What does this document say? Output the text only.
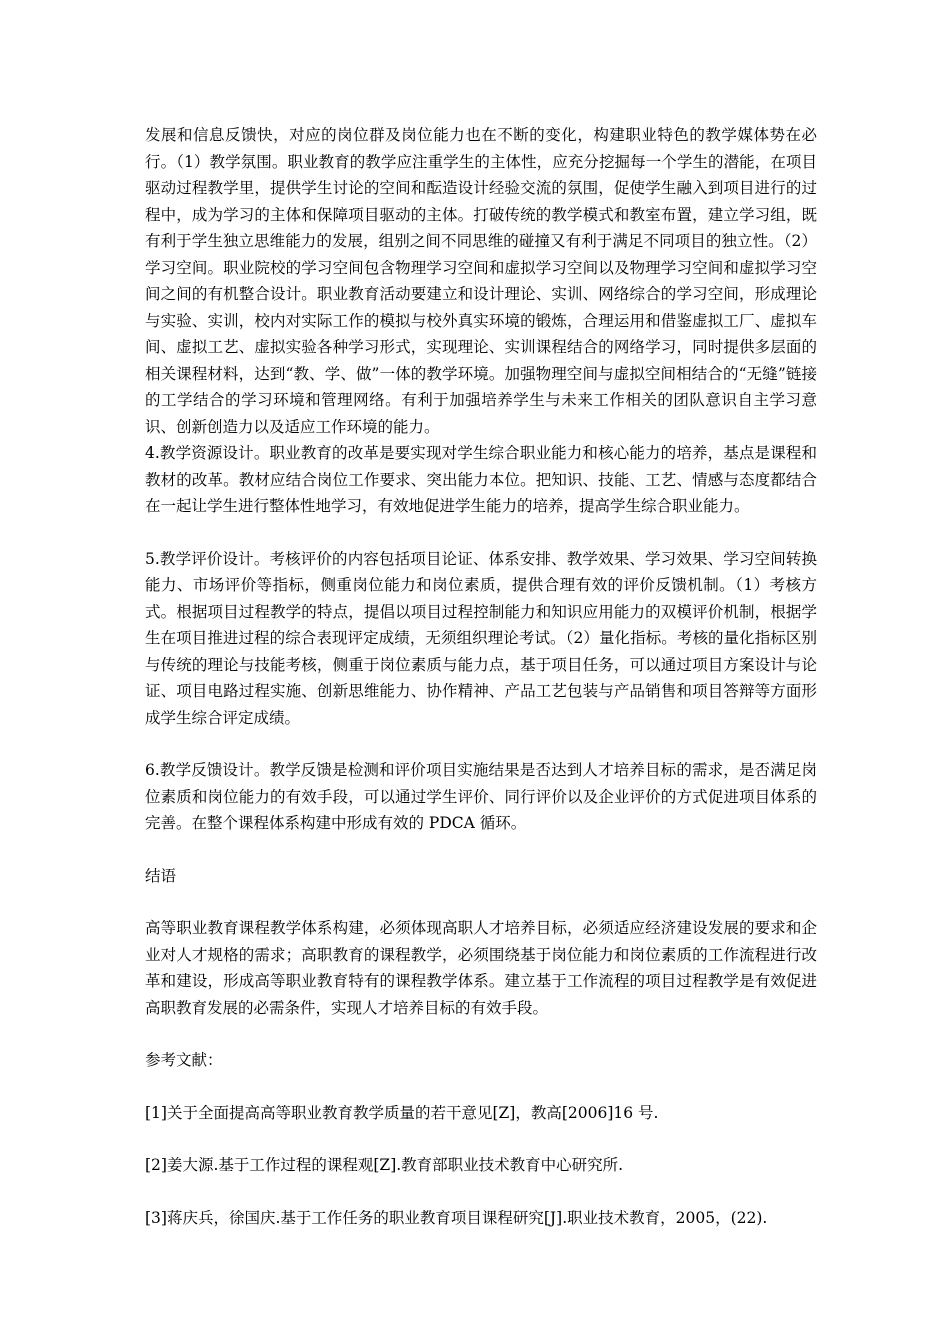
发展和信息反馈快，对应的岗位群及岗位能力也在不断的变化，构建职业特色的教学媒体势在必行。（1）教学氛围。职业教育的教学应注重学生的主体性，应充分挖掘每一个学生的潜能，在项目驱动过程教学里，提供学生讨论的空间和酝造设计经验交流的氛围，促使学生融入到项目进行的过程中，成为学习的主体和保障项目驱动的主体。打破传统的教学模式和教室布置，建立学习组，既有利于学生独立思维能力的发展，组别之间不同思维的碰撞又有利于满足不同项目的独立性。（2）学习空间。职业院校的学习空间包含物理学习空间和虚拟学习空间以及物理学习空间和虚拟学习空间之间的有机整合设计。职业教育活动要建立和设计理论、实训、网络综合的学习空间，形成理论与实验、实训，校内对实际工作的模拟与校外真实环境的锻炼，合理运用和借鉴虚拟工厂、虚拟车间、虚拟工艺、虚拟实验各种学习形式，实现理论、实训课程结合的网络学习，同时提供多层面的相关课程材料，达到“教、学、做”一体的教学环境。加强物理空间与虚拟空间相结合的“无缝”链接的工学结合的学习环境和管理网络。有利于加强培养学生与未来工作相关的团队意识自主学习意识、创新创造力以及适应工作环境的能力。

4.教学资源设计。职业教育的改革是要实现对学生综合职业能力和核心能力的培养，基点是课程和教材的改革。教材应结合岗位工作要求、突出能力本位。把知识、技能、工艺、情感与态度都结合在一起让学生进行整体性地学习，有效地促进学生能力的培养，提高学生综合职业能力。

5.教学评价设计。考核评价的内容包括项目论证、体系安排、教学效果、学习效果、学习空间转换能力、市场评价等指标，侧重岗位能力和岗位素质，提供合理有效的评价反馈机制。（1）考核方式。根据项目过程教学的特点，提倡以项目过程控制能力和知识应用能力的双模评价机制，根据学生在项目推进过程的综合表现评定成绩，无须组织理论考试。（2）量化指标。考核的量化指标区别与传统的理论与技能考核，侧重于岗位素质与能力点，基于项目任务，可以通过项目方案设计与论证、项目电路过程实施、创新思维能力、协作精神、产品工艺包装与产品销售和项目答辩等方面形成学生综合评定成绩。

6.教学反馈设计。教学反馈是检测和评价项目实施结果是否达到人才培养目标的需求，是否满足岗位素质和岗位能力的有效手段，可以通过学生评价、同行评价以及企业评价的方式促进项目体系的完善。在整个课程体系构建中形成有效的 PDCA 循环。

结语

高等职业教育课程教学体系构建，必须体现高职人才培养目标，必须适应经济建设发展的要求和企业对人才规格的需求；高职教育的课程教学，必须围绕基于岗位能力和岗位素质的工作流程进行改革和建设，形成高等职业教育特有的课程教学体系。建立基于工作流程的项目过程教学是有效促进高职教育发展的必需条件，实现人才培养目标的有效手段。

参考文献：

[1]关于全面提高高等职业教育教学质量的若干意见[Z]，教高[2006]16 号.

[2]姜大源.基于工作过程的课程观[Z].教育部职业技术教育中心研究所.

[3]蒋庆兵，徐国庆.基于工作任务的职业教育项目课程研究[J].职业技术教育，2005，(22).
